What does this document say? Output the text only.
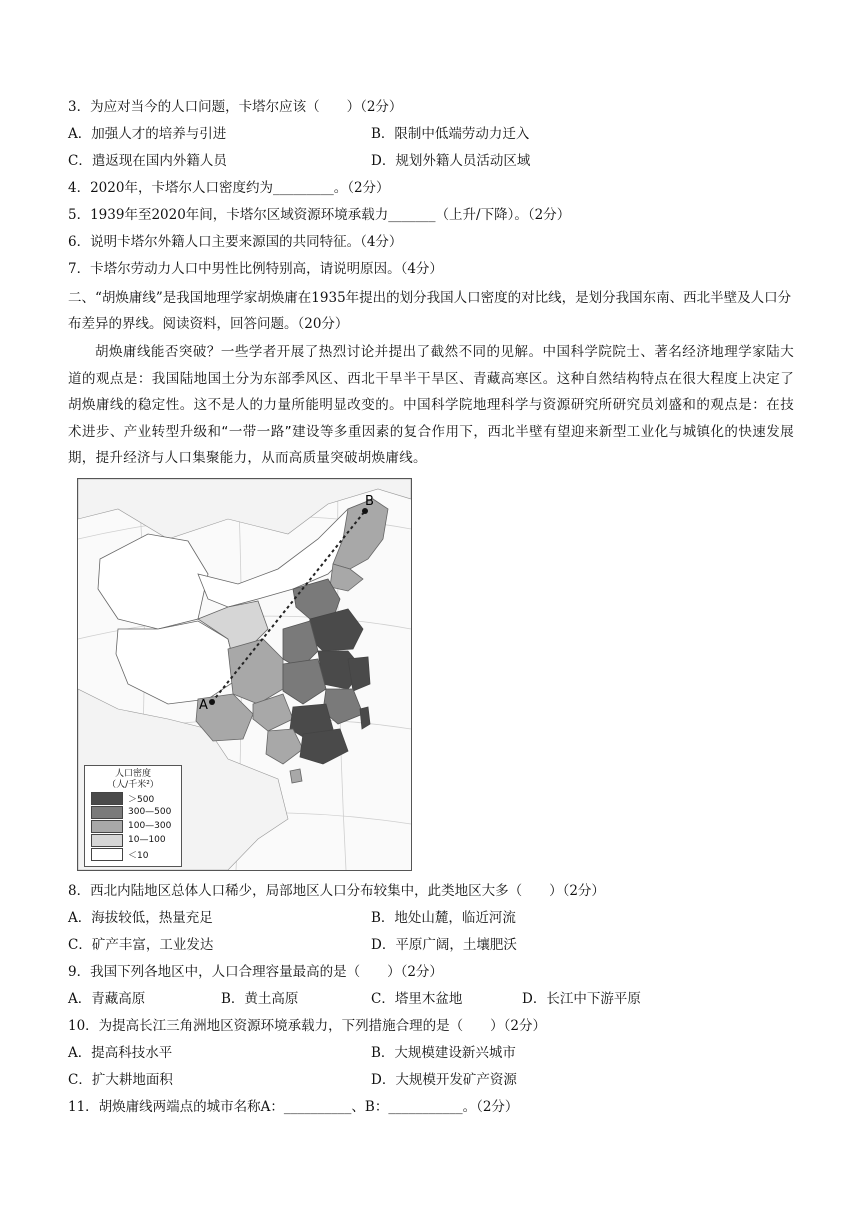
3．为应对当今的人口问题，卡塔尔应该（　　）（2分）
A．加强人才的培养与引进	B．限制中低端劳动力迁入
C．遣返现在国内外籍人员	D．规划外籍人员活动区域
4．2020年，卡塔尔人口密度约为_________。（2分）
5．1939年至2020年间，卡塔尔区域资源环境承载力_______（上升/下降）。（2分）
6．说明卡塔尔外籍人口主要来源国的共同特征。（4分）
7．卡塔尔劳动力人口中男性比例特别高，请说明原因。（4分）
二、“胡焕庸线”是我国地理学家胡焕庸在1935年提出的划分我国人口密度的对比线，是划分我国东南、西北半壁及人口分布差异的界线。阅读资料，回答问题。（20分）
胡焕庸线能否突破？一些学者开展了热烈讨论并提出了截然不同的见解。中国科学院院士、著名经济地理学家陆大道的观点是：我国陆地国土分为东部季风区、西北干旱半干旱区、青藏高寒区。这种自然结构特点在很大程度上决定了胡焕庸线的稳定性。这不是人的力量所能明显改变的。中国科学院地理科学与资源研究所研究员刘盛和的观点是：在技术进步、产业转型升级和“一带一路”建设等多重因素的复合作用下，西北半壁有望迎来新型工业化与城镇化的快速发展期，提升经济与人口集聚能力，从而高质量突破胡焕庸线。
A
B
人口密度
（人/千米²）
＞500
300—500
100—300
10—100
＜10
8．西北内陆地区总体人口稀少，局部地区人口分布较集中，此类地区大多（　　）（2分）
A．海拔较低，热量充足	B．地处山麓，临近河流
C．矿产丰富，工业发达	D．平原广阔，土壤肥沃
9．我国下列各地区中，人口合理容量最高的是（　　）（2分）
A．青藏高原	B．黄土高原	C．塔里木盆地	D．长江中下游平原
10．为提高长江三角洲地区资源环境承载力，下列措施合理的是（　　）（2分）
A．提高科技水平	B．大规模建设新兴城市
C．扩大耕地面积	D．大规模开发矿产资源
11．胡焕庸线两端点的城市名称A：__________、B：___________。（2分）
